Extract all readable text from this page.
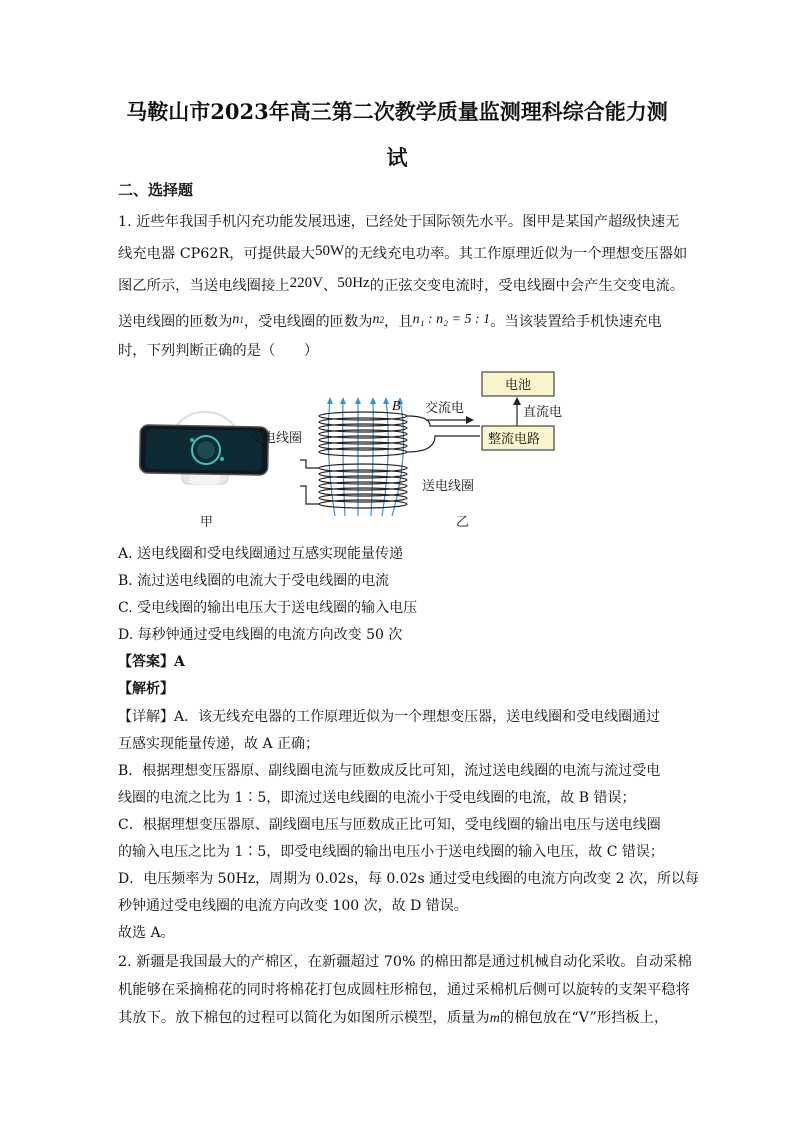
马鞍山市2023年高三第二次教学质量监测理科综合能力测
试
二、选择题
1. 近些年我国手机闪充功能发展迅速，已经处于国际领先水平。图甲是某国产超级快速无
线充电器 CP62R，可提供最大50W的无线充电功率。其工作原理近似为一个理想变压器如
图乙所示，当送电线圈接上220V、50Hz的正弦交变电流时，受电线圈中会产生交变电流。
送电线圈的匝数为n1，受电线圈的匝数为n2，且n₁ : n₂ = 5 : 1。当该装置给手机快速充电
时，下列判断正确的是（　　）
甲
B
受电线圈
送电线圈
交流电
电池
整流电路
直流电
乙
A. 送电线圈和受电线圈通过互感实现能量传递
B. 流过送电线圈的电流大于受电线圈的电流
C. 受电线圈的输出电压大于送电线圈的输入电压
D. 每秒钟通过受电线圈的电流方向改变 50 次
【答案】A
【解析】
【详解】A．该无线充电器的工作原理近似为一个理想变压器，送电线圈和受电线圈通过
互感实现能量传递，故 A 正确；
B．根据理想变压器原、副线圈电流与匝数成反比可知，流过送电线圈的电流与流过受电
线圈的电流之比为 1∶5，即流过送电线圈的电流小于受电线圈的电流，故 B 错误；
C．根据理想变压器原、副线圈电压与匝数成正比可知，受电线圈的输出电压与送电线圈
的输入电压之比为 1∶5，即受电线圈的输出电压小于送电线圈的输入电压，故 C 错误；
D．电压频率为 50Hz，周期为 0.02s，每 0.02s 通过受电线圈的电流方向改变 2 次，所以每
秒钟通过受电线圈的电流方向改变 100 次，故 D 错误。
故选 A。
2. 新疆是我国最大的产棉区，在新疆超过 70% 的棉田都是通过机械自动化采收。自动采棉
机能够在采摘棉花的同时将棉花打包成圆柱形棉包，通过采棉机后侧可以旋转的支架平稳将
其放下。放下棉包的过程可以简化为如图所示模型，质量为m的棉包放在“V”形挡板上，
